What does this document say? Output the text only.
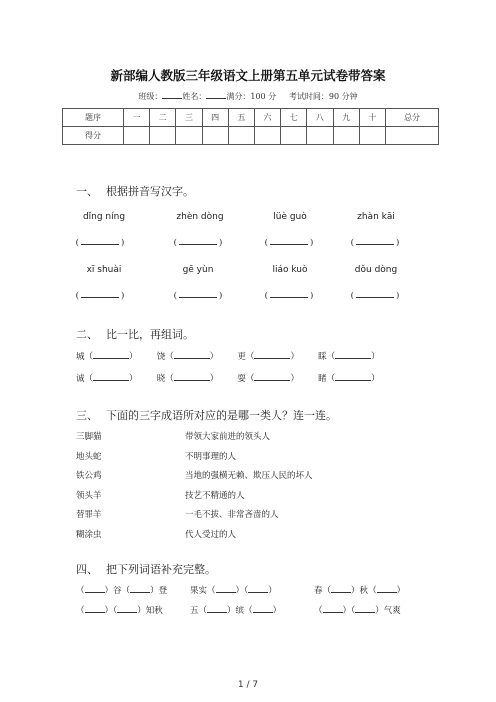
新部编人教版三年级语文上册第五单元试卷带答案
班级：	姓名：	满分：100 分 考试时间：90 分钟
题序	一	二	三	四	五	六	七	八	九	十	总分
得分											
一、 根据拼音写汉字。
dǐng níng	zhèn dòng	lüè guò	zhàn kāi
(	)	(	)	(	)	(	)
xī shuài	gē yùn	liáo kuò	dǒu dòng
(	)	(	)	(	)	(	)
二、 比一比，再组词。
城（	） 饶（	） 更（	） 睬（	）
诚（	） 晓（	） 耍（	） 睹（	）
三、 下面的三字成语所对应的是哪一类人？连一连。
三脚猫	带领大家前进的领头人
地头蛇	不明事理的人
铁公鸡	当地的强横无赖、欺压人民的坏人
领头羊	技艺不精通的人
替罪羊	一毛不拔、非常吝啬的人
糊涂虫	代人受过的人
四、 把下列词语补充完整。
（ ）谷（ ）登	果实（ ）（ ）	春（ ）秋（ ）
（ ）（ ）知秋	五（ ）缤（ ）	（ ）（ ）气爽
1 / 7
